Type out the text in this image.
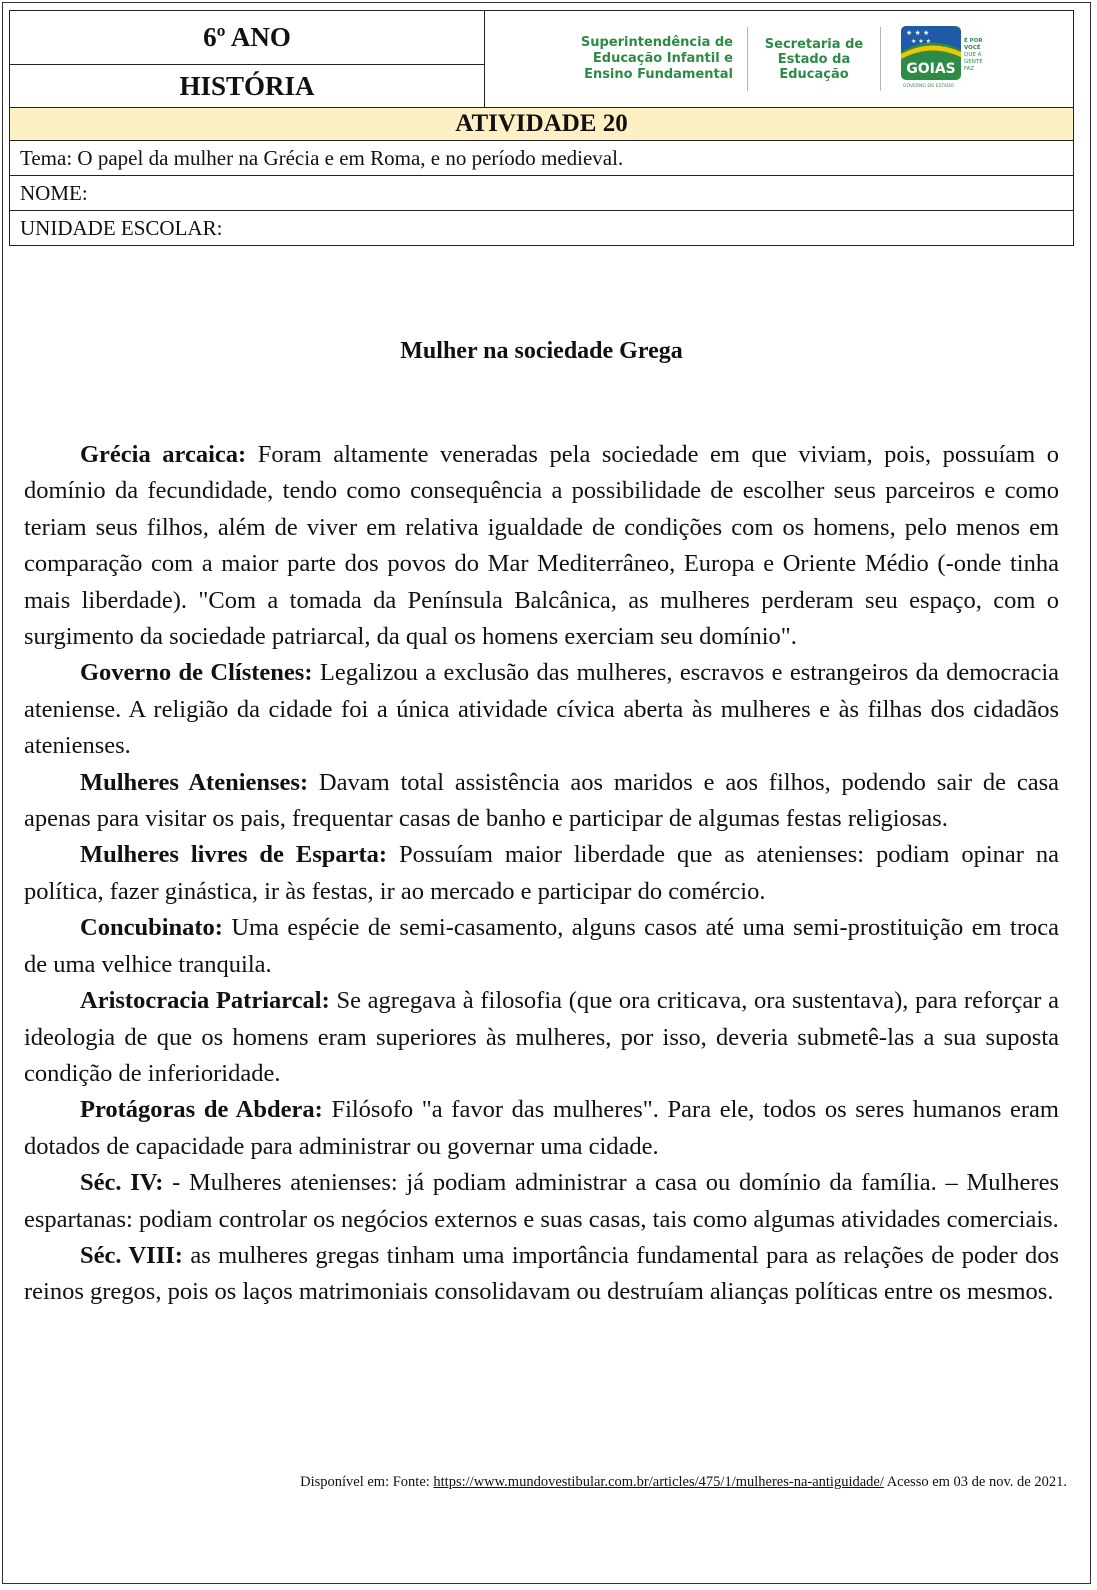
6º ANO	Superintendência de
Educação Infantil e
Ensino Fundamental
Secretaria de
Estado da
Educação
★ ★ ★
★ ★ ★
GOIAS
É POR
VOCÊ
QUE A
GENTE
FAZ
GOVERNO DO ESTADO

HISTÓRIA
ATIVIDADE 20
Tema: O papel da mulher na Grécia e em Roma, e no período medieval.
NOME:
UNIDADE ESCOLAR:
Mulher na sociedade Grega

Grécia arcaica: Foram altamente veneradas pela sociedade em que viviam, pois, possuíam o domínio da fecundidade, tendo como consequência a possibilidade de escolher seus parceiros e como teriam seus filhos, além de viver em relativa igualdade de condições com os homens, pelo menos em comparação com a maior parte dos povos do Mar Mediterrâneo, Europa e Oriente Médio (-onde tinha mais liberdade). "Com a tomada da Península Balcânica, as mulheres perderam seu espaço, com o surgimento da sociedade patriarcal, da qual os homens exerciam seu domínio".

Governo de Clístenes: Legalizou a exclusão das mulheres, escravos e estrangeiros da democracia ateniense. A religião da cidade foi a única atividade cívica aberta às mulheres e às filhas dos cidadãos atenienses.

Mulheres Atenienses: Davam total assistência aos maridos e aos filhos, podendo sair de casa apenas para visitar os pais, frequentar casas de banho e participar de algumas festas religiosas.

Mulheres livres de Esparta: Possuíam maior liberdade que as atenienses: podiam opinar na política, fazer ginástica, ir às festas, ir ao mercado e participar do comércio.

Concubinato: Uma espécie de semi-casamento, alguns casos até uma semi-prostituição em troca de uma velhice tranquila.

Aristocracia Patriarcal: Se agregava à filosofia (que ora criticava, ora sustentava), para reforçar a ideologia de que os homens eram superiores às mulheres, por isso, deveria submetê-las a sua suposta condição de inferioridade.

Protágoras de Abdera: Filósofo "a favor das mulheres". Para ele, todos os seres humanos eram dotados de capacidade para administrar ou governar uma cidade.

Séc. IV: - Mulheres atenienses: já podiam administrar a casa ou domínio da família. – Mulheres espartanas: podiam controlar os negócios externos e suas casas, tais como algumas atividades comerciais.

Séc. VIII: as mulheres gregas tinham uma importância fundamental para as relações de poder dos reinos gregos, pois os laços matrimoniais consolidavam ou destruíam alianças políticas entre os mesmos.

Disponível em: Fonte: https://www.mundovestibular.com.br/articles/475/1/mulheres-na-antiguidade/ Acesso em 03 de nov. de 2021.
